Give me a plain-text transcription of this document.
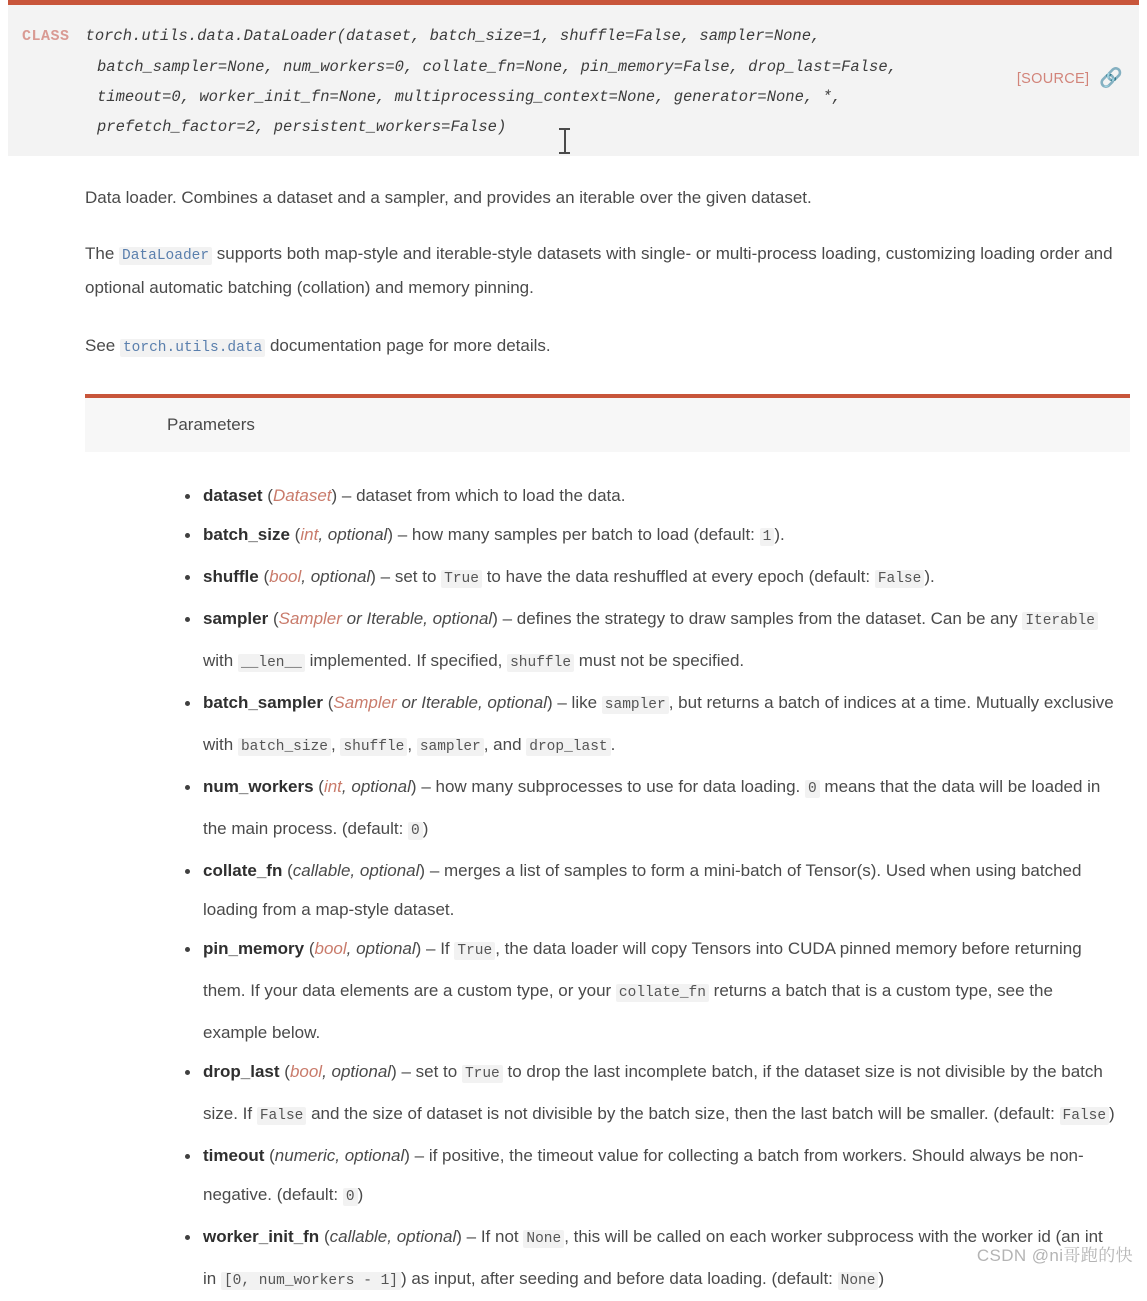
CLASS torch.utils.data.DataLoader(dataset, batch_size=1, shuffle=False, sampler=None,
batch_sampler=None, num_workers=0, collate_fn=None, pin_memory=False, drop_last=False,
timeout=0, worker_init_fn=None, multiprocessing_context=None, generator=None, *,
prefetch_factor=2, persistent_workers=False)
[SOURCE] 🔗

Data loader. Combines a dataset and a sampler, and provides an iterable over the given dataset.

The DataLoader supports both map-style and iterable-style datasets with single- or multi-process loading, customizing loading order and optional automatic batching (collation) and memory pinning.

See torch.utils.data documentation page for more details.

Parameters
dataset (Dataset) – dataset from which to load the data.
batch_size (int, optional) – how many samples per batch to load (default: 1 ).
shuffle (bool, optional) – set to True to have the data reshuffled at every epoch (default: False ).
sampler (Sampler or Iterable, optional) – defines the strategy to draw samples from the dataset. Can be any Iterable with __len__ implemented. If specified, shuffle must not be specified.
batch_sampler (Sampler or Iterable, optional) – like sampler , but returns a batch of indices at a time. Mutually exclusive with batch_size , shuffle , sampler , and drop_last .
num_workers (int, optional) – how many subprocesses to use for data loading. 0 means that the data will be loaded in the main process. (default: 0 )
collate_fn (callable, optional) – merges a list of samples to form a mini-batch of Tensor(s). Used when using batched loading from a map-style dataset.
pin_memory (bool, optional) – If True , the data loader will copy Tensors into CUDA pinned memory before returning them. If your data elements are a custom type, or your collate_fn returns a batch that is a custom type, see the example below.
drop_last (bool, optional) – set to True to drop the last incomplete batch, if the dataset size is not divisible by the batch size. If False and the size of dataset is not divisible by the batch size, then the last batch will be smaller. (default: False )
timeout (numeric, optional) – if positive, the timeout value for collecting a batch from workers. Should always be non-negative. (default: 0 )
worker_init_fn (callable, optional) – If not None , this will be called on each worker subprocess with the worker id (an int in [0, num_workers - 1] ) as input, after seeding and before data loading. (default: None )
CSDN @ni哥跑的快
